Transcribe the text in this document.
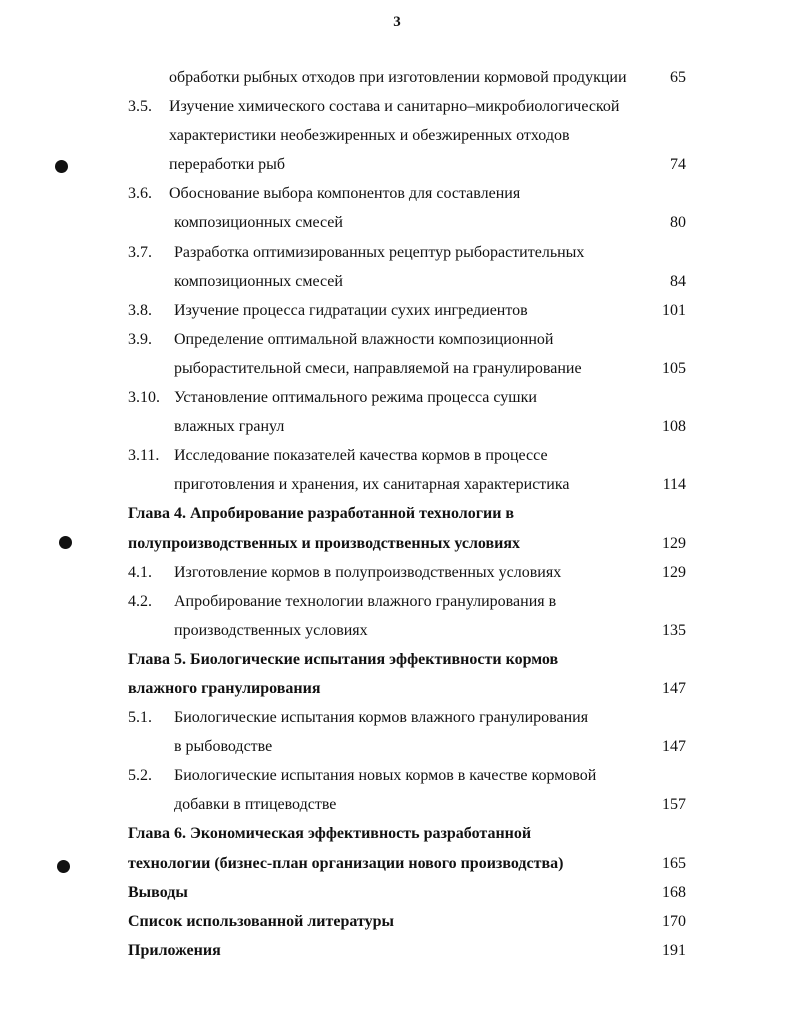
3
обработки рыбных отходов при изготовлении кормовой продукции	65
3.5. Изучение химического состава и санитарно–микробиологической
характеристики необезжиренных и обезжиренных отходов
переработки рыб	74
3.6. Обоснование выбора компонентов для составления
композиционных смесей	80
3.7. Разработка оптимизированных рецептур рыборастительных
композиционных смесей	84
3.8. Изучение процесса гидратации сухих ингредиентов	101
3.9. Определение оптимальной влажности композиционной
рыборастительной смеси, направляемой на гранулирование	105
3.10. Установление оптимального режима процесса сушки
влажных гранул	108
3.11. Исследование показателей качества кормов в процессе
приготовления и хранения, их санитарная характеристика	114
Глава 4. Апробирование разработанной технологии в
полупроизводственных и производственных условиях	129
4.1. Изготовление кормов в полупроизводственных условиях	129
4.2. Апробирование технологии влажного гранулирования в
производственных условиях	135
Глава 5. Биологические испытания эффективности кормов
влажного гранулирования	147
5.1. Биологические испытания кормов влажного гранулирования
в рыбоводстве	147
5.2. Биологические испытания новых кормов в качестве кормовой
добавки в птицеводстве	157
Глава 6. Экономическая эффективность разработанной
технологии (бизнес-план организации нового производства)	165
Выводы	168
Список использованной литературы	170
Приложения	191
